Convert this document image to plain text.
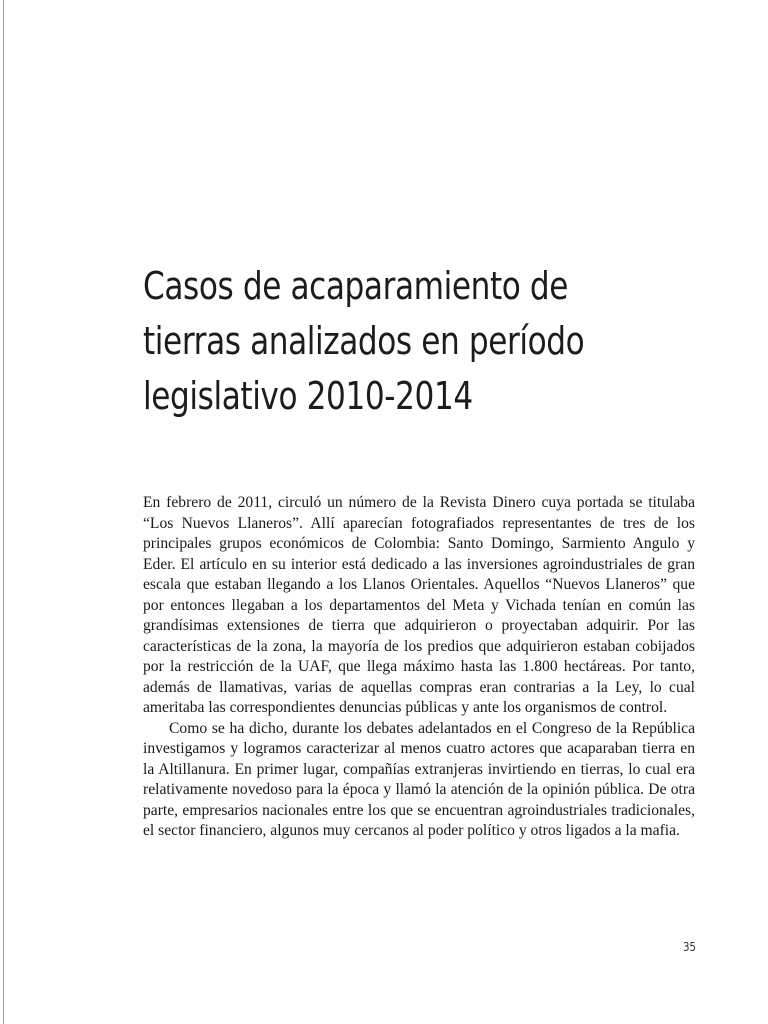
Casos de acaparamiento de
tierras analizados en período
legislativo 2010-2014

En febrero de 2011, circuló un número de la Revista Dinero cuya portada se titulaba “Los Nuevos Llaneros”. Allí aparecían fotografiados representantes de tres de los principales grupos económicos de Colombia: Santo Domingo, Sarmiento Angulo y Eder. El artículo en su interior está dedicado a las inversiones agroindustriales de gran escala que estaban llegando a los Llanos Orientales. Aquellos “Nuevos Llaneros” que por entonces llegaban a los departamentos del Meta y Vichada tenían en común las grandísimas extensiones de tierra que adquirieron o proyectaban adquirir. Por las características de la zona, la mayoría de los predios que adquirieron estaban cobijados por la restricción de la UAF, que llega máximo hasta las 1.800 hectáreas. Por tanto, además de llamativas, varias de aquellas compras eran contrarias a la Ley, lo cual ameritaba las correspondientes denuncias públicas y ante los organismos de control.

Como se ha dicho, durante los debates adelantados en el Congreso de la República investigamos y logramos caracterizar al menos cuatro actores que acaparaban tierra en la Altillanura. En primer lugar, compañías extranjeras invirtiendo en tierras, lo cual era relativamente novedoso para la época y llamó la atención de la opinión pública. De otra parte, empresarios nacionales entre los que se encuentran agroindustriales tradicionales, el sector financiero, algunos muy cercanos al poder político y otros ligados a la mafia.

35
